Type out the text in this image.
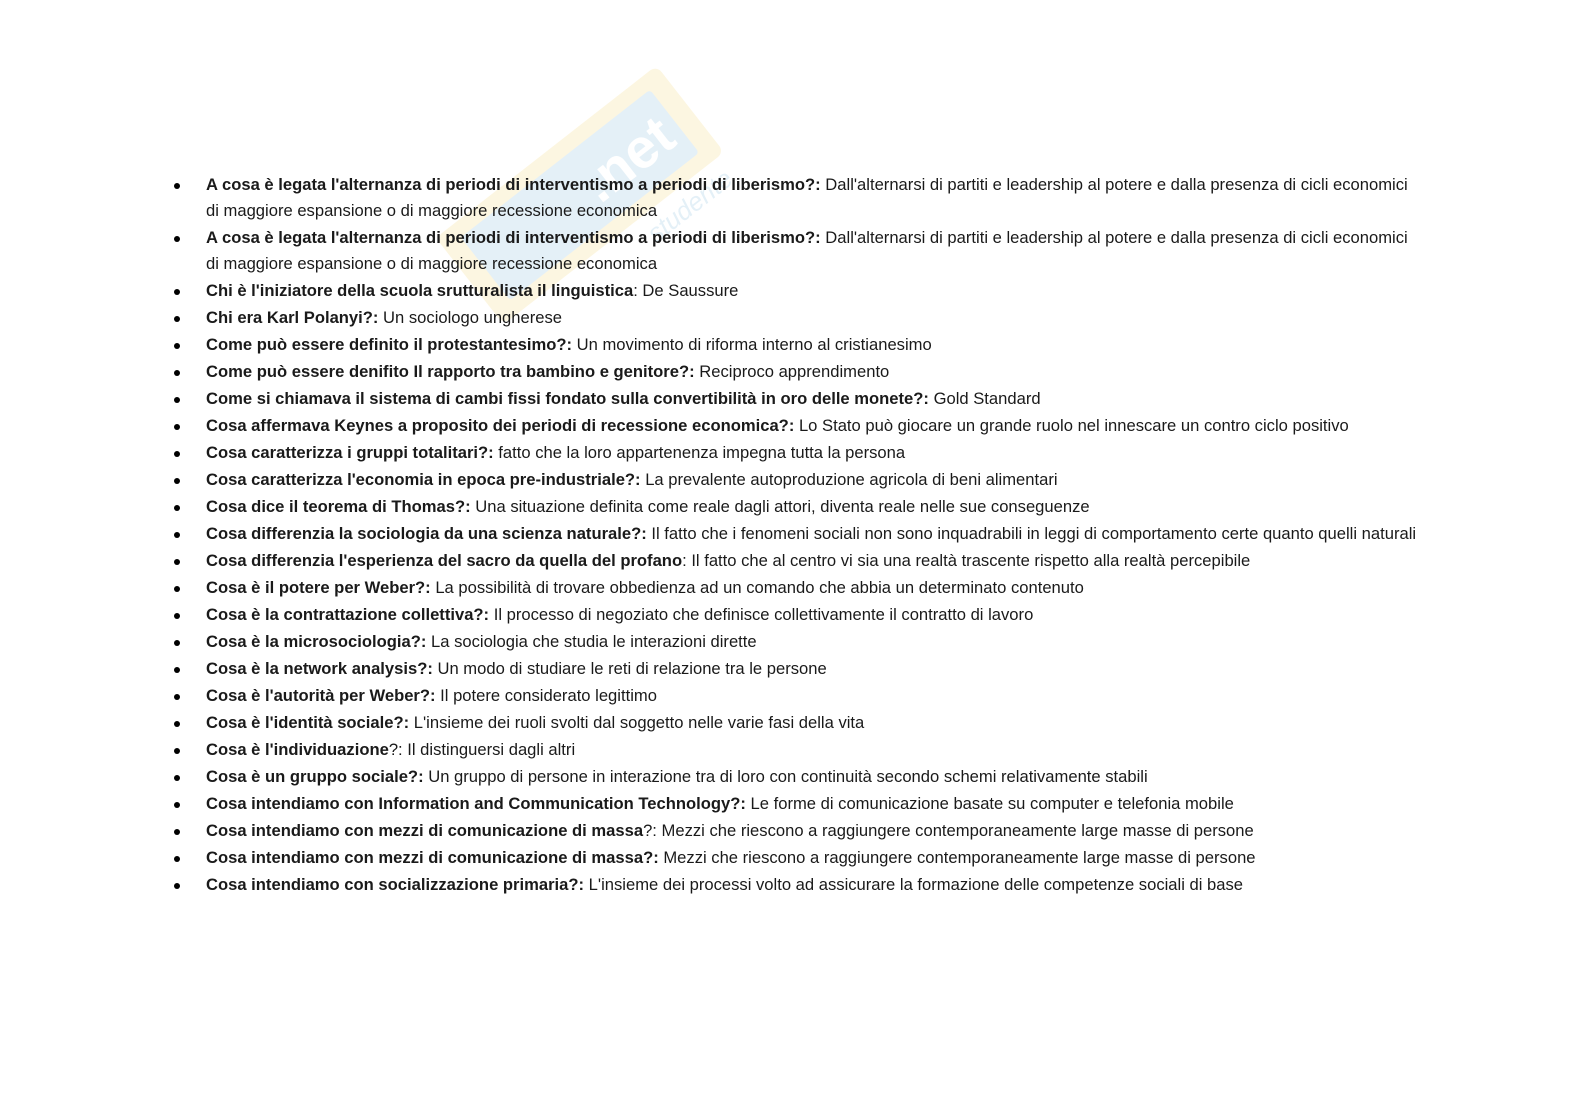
.net
studente
A cosa è legata l'alternanza di periodi di interventismo a periodi di liberismo?: Dall'alternarsi di partiti e leadership al potere e dalla presenza di cicli economici di maggiore espansione o di maggiore recessione economica
A cosa è legata l'alternanza di periodi di interventismo a periodi di liberismo?: Dall'alternarsi di partiti e leadership al potere e dalla presenza di cicli economici di maggiore espansione o di maggiore recessione economica
Chi è l'iniziatore della scuola srutturalista il linguistica: De Saussure
Chi era Karl Polanyi?: Un sociologo ungherese
Come può essere definito il protestantesimo?: Un movimento di riforma interno al cristianesimo
Come può essere denifito Il rapporto tra bambino e genitore?: Reciproco apprendimento
Come si chiamava il sistema di cambi fissi fondato sulla convertibilità in oro delle monete?: Gold Standard
Cosa affermava Keynes a proposito dei periodi di recessione economica?: Lo Stato può giocare un grande ruolo nel innescare un contro ciclo positivo
Cosa caratterizza i gruppi totalitari?: fatto che la loro appartenenza impegna tutta la persona
Cosa caratterizza l'economia in epoca pre-industriale?: La prevalente autoproduzione agricola di beni alimentari
Cosa dice il teorema di Thomas?: Una situazione definita come reale dagli attori, diventa reale nelle sue conseguenze
Cosa differenzia la sociologia da una scienza naturale?: Il fatto che i fenomeni sociali non sono inquadrabili in leggi di comportamento certe quanto quelli naturali
Cosa differenzia l'esperienza del sacro da quella del profano: Il fatto che al centro vi sia una realtà trascente rispetto alla realtà percepibile
Cosa è il potere per Weber?: La possibilità di trovare obbedienza ad un comando che abbia un determinato contenuto
Cosa è la contrattazione collettiva?: Il processo di negoziato che definisce collettivamente il contratto di lavoro
Cosa è la microsociologia?: La sociologia che studia le interazioni dirette
Cosa è la network analysis?: Un modo di studiare le reti di relazione tra le persone
Cosa è l'autorità per Weber?: Il potere considerato legittimo
Cosa è l'identità sociale?: L'insieme dei ruoli svolti dal soggetto nelle varie fasi della vita
Cosa è l'individuazione?: Il distinguersi dagli altri
Cosa è un gruppo sociale?: Un gruppo di persone in interazione tra di loro con continuità secondo schemi relativamente stabili
Cosa intendiamo con Information and Communication Technology?: Le forme di comunicazione basate su computer e telefonia mobile
Cosa intendiamo con mezzi di comunicazione di massa?: Mezzi che riescono a raggiungere contemporaneamente large masse di persone
Cosa intendiamo con mezzi di comunicazione di massa?: Mezzi che riescono a raggiungere contemporaneamente large masse di persone
Cosa intendiamo con socializzazione primaria?: L'insieme dei processi volto ad assicurare la formazione delle competenze sociali di base
